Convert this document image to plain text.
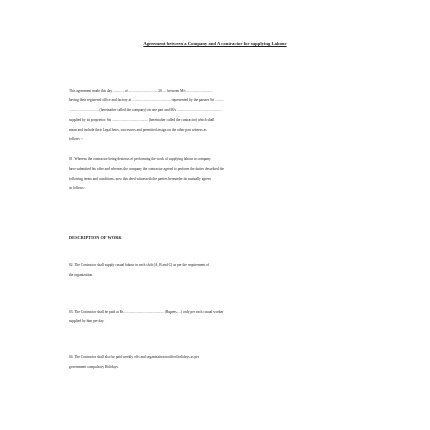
Agreement between a Company and A contractor for supplying Labour
This agreement made this day ............ of ................................ 20..... between M/s .............................
having their registered office and factory at ........................................... represented by the partner Sri ..........
................................. (hereinafter called the company) on one part and M/s ..................................................
supplied by its proprietor, Sri ........................................ (hereinafter called the contractor) which shall
mean and include their Legal heirs, successors and permitted assign on the other part witness as
follows :-
01. Whereas the contractor being desirous of performing the work of supplying labour to company
have submitted his offer and whereas the company the contractor agreed to perform the duties described the
following terms and conditions, now this deed witnesseth the parties hereunder do mutually agrees
as follows:
DESCRIPTION OF WORK
02. The Contractor shall supply casual labour in each shift (A, B and C) as per the requirement of
the organization.
03. The Contractor shall be paid at Rs ............................................ (Rupees.....) only per each casual worker
supplied by him per day.
04. The Contractor shall also be paid weekly offs and organization notified holidays as per
government compulsory Holidays.
